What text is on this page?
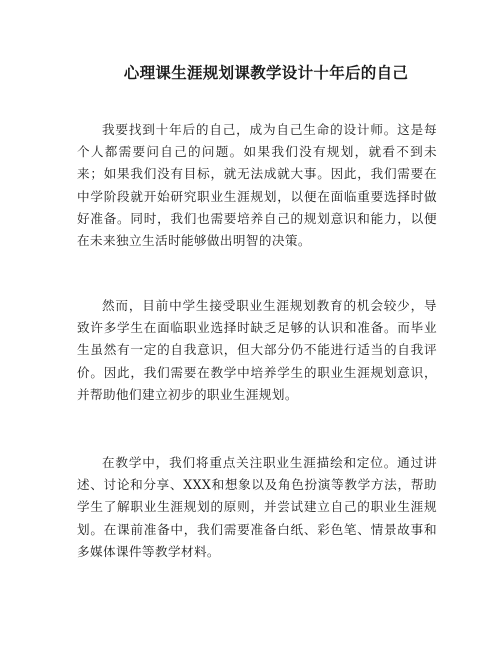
心理课生涯规划课教学设计十年后的自己

我要找到十年后的自己，成为自己生命的设计师。这是每个人都需要问自己的问题。如果我们没有规划，就看不到未来；如果我们没有目标，就无法成就大事。因此，我们需要在中学阶段就开始研究职业生涯规划，以便在面临重要选择时做好准备。同时，我们也需要培养自己的规划意识和能力，以便在未来独立生活时能够做出明智的决策。

然而，目前中学生接受职业生涯规划教育的机会较少，导致许多学生在面临职业选择时缺乏足够的认识和准备。而毕业生虽然有一定的自我意识，但大部分仍不能进行适当的自我评价。因此，我们需要在教学中培养学生的职业生涯规划意识，并帮助他们建立初步的职业生涯规划。

在教学中，我们将重点关注职业生涯描绘和定位。通过讲述、讨论和分享、XXX和想象以及角色扮演等教学方法，帮助学生了解职业生涯规划的原则，并尝试建立自己的职业生涯规划。在课前准备中，我们需要准备白纸、彩色笔、情景故事和多媒体课件等教学材料。
